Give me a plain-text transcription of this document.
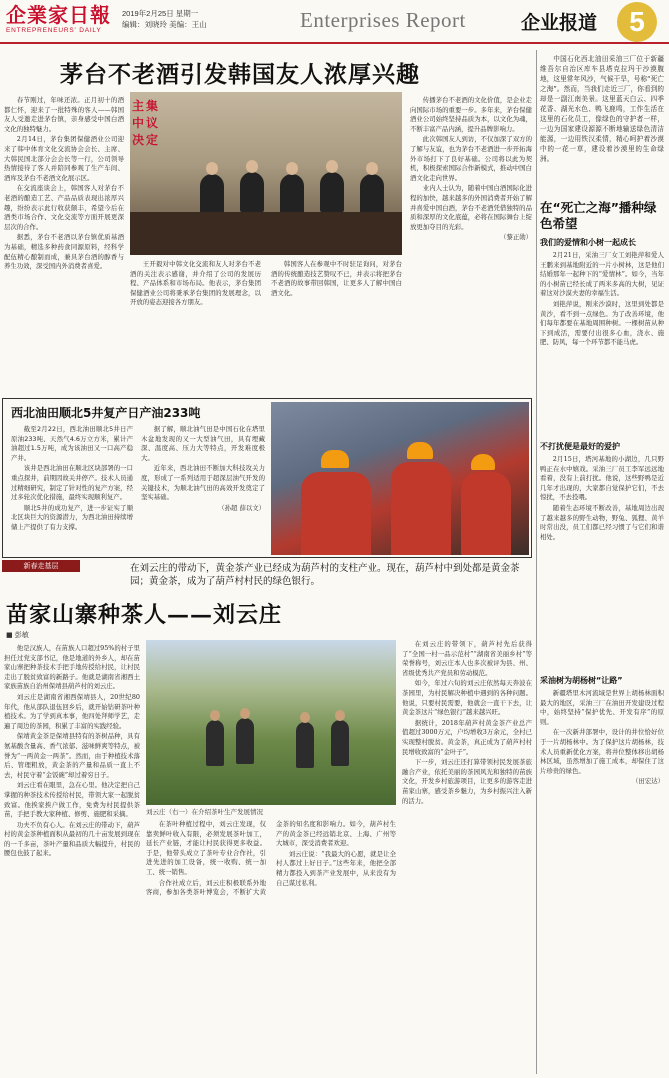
企業家日報
ENTREPRENEURS' DAILY
2019年2月25日 星期一
编辑：刘晓玲 美编：王山	Enterprises Report	企业报道	5
茅台不老酒引发韩国友人浓厚兴趣

春节刚过，年味还浓。正月初十的酒都仁怀，迎来了一批特殊的客人——韩国友人受邀走进茅台镇，亲身感受中国白酒文化的独特魅力。

2月14日，茅台集团保健酒业公司迎来了韩中体育文化交流协会会长、主席、大韩民国北部分会会长等一行，公司领导热情接待了客人并陪同参观了生产车间、酒库及茅台不老酒文化展示区。

在交流座谈会上，韩国客人对茅台不老酒的酿造工艺、产品品质表现出浓厚兴趣，纷纷表示此行收获颇丰，希望今后在酒类市场合作、文化交流等方面开展更深层次的合作。

据悉，茅台不老酒以茅台镇优质基酒为基础，精选多种药食同源原料，经科学配伍精心酿制而成，兼具茅台酒的醇香与养生功效，深受国内外消费者喜爱。

主集中议决定

王开毅对中韩文化交流和友人对茅台不老酒的关注表示感谢，并介绍了公司的发展历程、产品体系和市场布局。他表示，茅台集团保健酒业公司将秉承茅台集团的发展理念，以开放的姿态迎接各方朋友。

韩国客人在参观中不时驻足询问，对茅台酒的传统酿造技艺赞叹不已，并表示将把茅台不老酒的故事带回韩国，让更多人了解中国白酒文化。

传播茅台不老酒的文化价值，是企业走向国际市场的重要一步。多年来，茅台保健酒业公司始终坚持品质为本，以文化为魂，不断丰富产品内涵，提升品牌影响力。

此次韩国友人到访，不仅加深了双方的了解与友谊，也为茅台不老酒进一步开拓海外市场打下了良好基础。公司将以此为契机，积极探索国际合作新模式，推动中国白酒文化走向世界。

业内人士认为，随着中国白酒国际化进程的加快，越来越多的外国消费者开始了解并喜爱中国白酒，茅台不老酒凭借独特的品质和深厚的文化底蕴，必将在国际舞台上绽放更加夺目的光彩。

（黎正勋）

中国石化西北油田采油三厂位于新疆维吾尔自治区库车县塔克拉玛干沙漠腹地，这里常年风沙，气候干旱，号称“死亡之海”。然而，当我们走近三厂，你看到的却是一副江南美景。这里蓝天白云、四季花香、湖光水色、鸭飞鹿鸣，工作生活在这里的石化员工，像绿色的守护者一样，一边为国家建设源源不断地输送绿色清洁能源，一边用铁汉柔情，精心呵护着沙漠中的一花一草，建设着沙漠里的生命绿洲。
在“死亡之海”播种绿色希望
我们的爱情和小树一起成长

2月21日，采油三厂女工刘艳萍和爱人王鹏来到基地附近的一片小树林，这是他们结婚那年一起种下的“爱情林”。如今，当年的小树苗已经长成了两米多高的大树，见证着这对沙漠夫妻的幸福生活。

刘艳萍说，刚来沙漠时，这里到处都是黄沙，看不到一点绿色。为了改善环境，他们每年都要在基地周围种树。一棵树苗从种下到成活，需要付出很多心血，浇水、施肥、防风，每一个环节都不能马虎。

不打扰便是最好的爱护

2月15日，塔河基地的小湖边，几只野鸭正在水中嬉戏。采油三厂员工李军远远地看着，没有上前打扰。他说，这些野鸭是近几年才出现的，大家都自觉保护它们，不去惊扰，不去投喂。

随着生态环境不断改善，基地周边出现了越来越多的野生动物，野兔、狐狸、黄羊时常出没，员工们都已经习惯了与它们和谐相处。

采油树为胡杨树“让路”

新疆塔里木河流域是世界上胡杨林面积最大的地区，采油三厂在油田开发建设过程中，始终坚持“保护优先、开发有序”的原则。

在一次新井部署中，设计的井位恰好位于一片胡杨林中。为了保护这片胡杨林，技术人员重新优化方案，将井位整体移出胡杨林区域，虽然增加了施工成本，却保住了这片珍贵的绿色。

（田宏达）

西北油田顺北5井复产日产油233吨

截至2月22日，西北油田顺北5井日产原油233吨、天然气4.6万立方米，累计产油超过1.5万吨，成为该油田又一口高产稳产井。

该井是西北油田在顺北区块部署的一口重点探井，前期因故关井停产。技术人员通过精细研究，制定了针对性的复产方案，经过多轮次优化措施，最终实现顺利复产。

顺北5井的成功复产，进一步证实了顺北区块巨大的资源潜力，为西北油田持续增储上产提供了有力支撑。

据了解，顺北油气田是中国石化在塔里木盆地发现的又一大型油气田，具有埋藏深、温度高、压力大等特点，开发难度极大。

近年来，西北油田不断加大科技攻关力度，形成了一系列适用于超深层油气开发的关键技术，为顺北油气田的高效开发奠定了坚实基础。

（孙超 薛以文）

新春走基层	在刘云庄的带动下，黄金茶产业已经成为葫芦村的支柱产业。现在，葫芦村中到处都是黄金茶园；黄金茶，成为了葫芦村村民的绿色银行。
苗家山寨种茶人——刘云庄
■ 彭敏

他是汉族人，在苗族人口超过95%的村子里担任过党支部书记，他是地道的外乡人，却在苗家山寨把种茶技术手把手地传授给村民，让村民走出了脱贫致富的新路子。他就是湖南省湘西土家族苗族自治州保靖县葫芦村的刘云庄。

刘云庄是湖南省湘西保靖县人，20世纪80年代，他从部队退伍回乡后，就开始钻研茶叶种植技术。为了学到真本事，他四处拜师学艺，走遍了周边的茶园，积累了丰富的实践经验。

保靖黄金茶是保靖县特有的茶树品种，具有氨基酸含量高、香气浓郁、滋味鲜爽等特点，被誉为“一两黄金一两茶”。然而，由于种植技术落后、管理粗放，黄金茶的产量和品质一直上不去，村民守着“金饭碗”却过着穷日子。

刘云庄看在眼里，急在心里。他决定把自己掌握的种茶技术传授给村民，带领大家一起脱贫致富。他挨家挨户做工作，免费为村民提供茶苗，手把手教大家种植、修剪、施肥和采摘。

功夫不负有心人。在刘云庄的带动下，葫芦村的黄金茶种植面积从最初的几十亩发展到现在的一千多亩，茶叶产量和品质大幅提升，村民的腰包也鼓了起来。

刘云庄（右一）在介绍茶叶生产发展情况

在茶叶种植过程中，刘云庄发现，仅靠卖鲜叶收入有限，必须发展茶叶加工，延长产业链，才能让村民获得更多收益。于是，他带头成立了茶叶专业合作社，引进先进的加工设备，统一收购、统一加工、统一销售。

合作社成立后，刘云庄积极联系外地客商，参加各类茶叶博览会，不断扩大黄金茶的知名度和影响力。如今，葫芦村生产的黄金茶已经远销北京、上海、广州等大城市，深受消费者欢迎。

刘云庄说：“我最大的心愿，就是让全村人都过上好日子。”这些年来，他把全部精力都投入到茶产业发展中，从来没有为自己谋过私利。

在刘云庄的带领下，葫芦村先后获得了“全国一村一品示范村”“湖南省美丽乡村”等荣誉称号，刘云庄本人也多次被评为县、州、省级优秀共产党员和劳动模范。

如今，年过六旬的刘云庄依然每天奔波在茶园里，为村民解决种植中遇到的各种问题。他说，只要村民需要，他就会一直干下去，让黄金茶这片“绿色银行”越来越兴旺。

据统计，2018年葫芦村黄金茶产业总产值超过3000万元，户均增收3万余元，全村已实现整村脱贫。黄金茶，真正成为了葫芦村村民增收致富的“金叶子”。

下一步，刘云庄还打算带领村民发展茶旅融合产业，依托美丽的茶园风光和独特的苗族文化，开发乡村旅游项目，让更多的游客走进苗家山寨，感受茶乡魅力，为乡村振兴注入新的活力。
